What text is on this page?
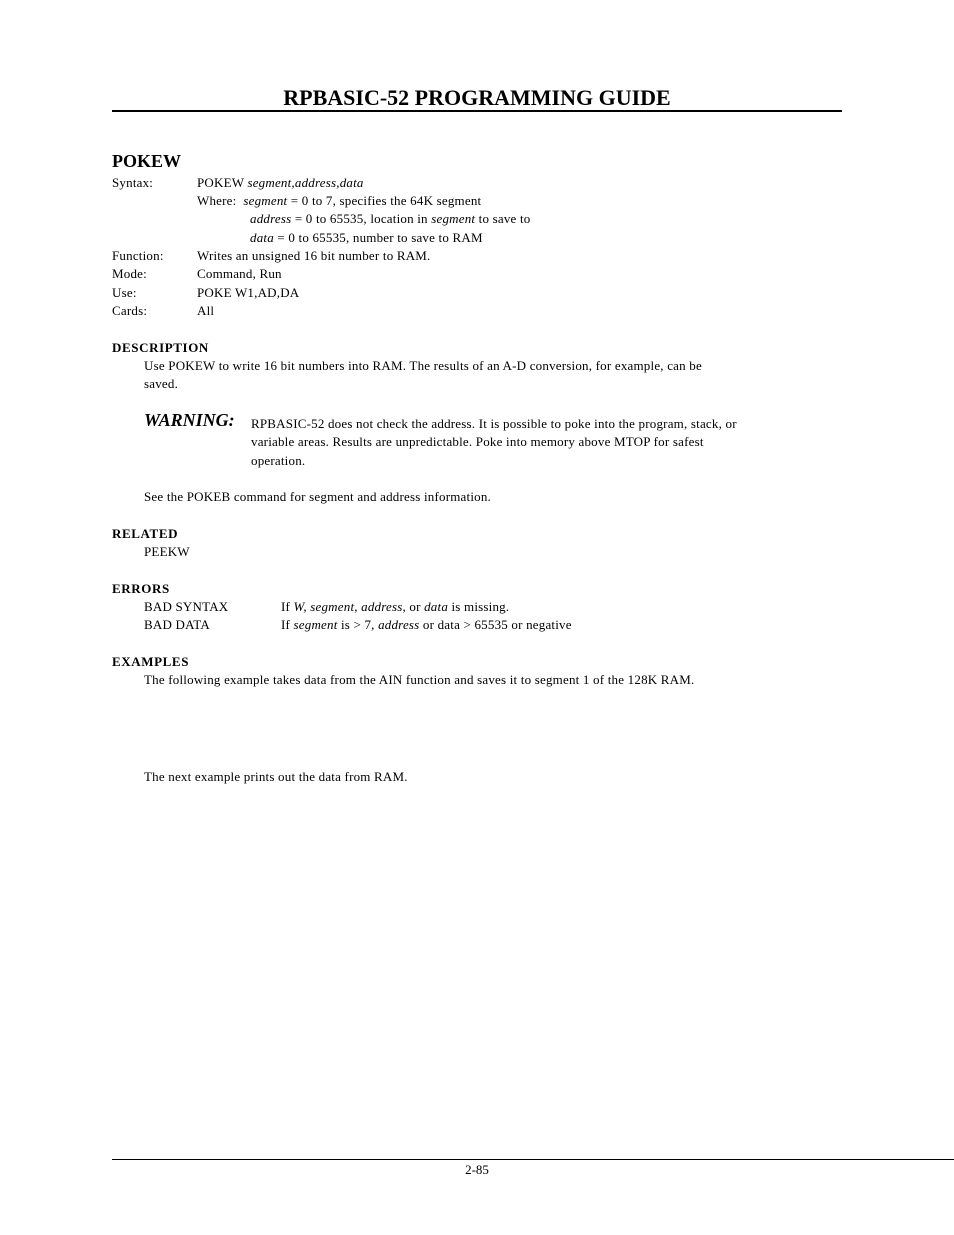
RPBASIC-52 PROGRAMMING GUIDE
POKEW
Syntax:	POKEW segment,address,data
Where: segment = 0 to 7, specifies the 64K segment
address = 0 to 65535, location in segment to save to
data = 0 to 65535, number to save to RAM
Function:	Writes an unsigned 16 bit number to RAM.
Mode:	Command, Run
Use:	POKE W1,AD,DA
Cards:	All
DESCRIPTION
Use POKEW to write 16 bit numbers into RAM. The results of an A-D conversion, for example, can be
saved.
WARNING: RPBASIC-52 does not check the address. It is possible to poke into the program, stack, or
variable areas. Results are unpredictable. Poke into memory above MTOP for safest
operation.
See the POKEB command for segment and address information.
RELATED
PEEKW
ERRORS
BAD SYNTAX	If W, segment, address, or data is missing.
BAD DATA	If segment is > 7, address or data > 65535 or negative
EXAMPLES
The following example takes data from the AIN function and saves it to segment 1 of the 128K RAM.
The next example prints out the data from RAM.
2-85
